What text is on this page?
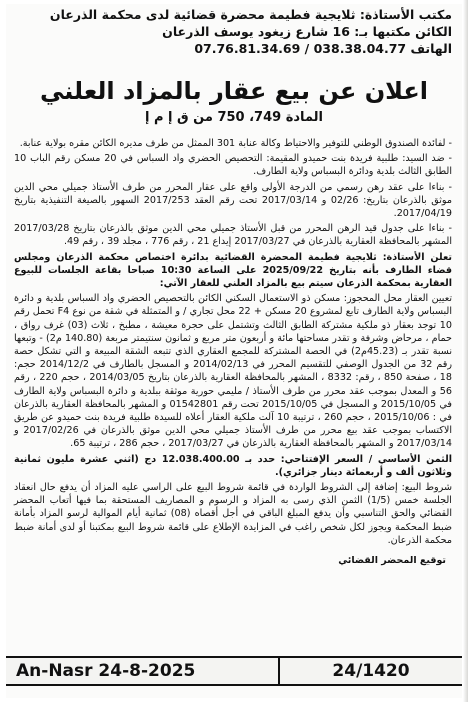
مكتب الأستاذة: ثلايجية فطيمة محضرة قضائية لدى محكمة الذرعان
الكائن مكتبها بـ: 16 شارع زيغود يوسف الذرعان
الهاتف 038.38.04.77 / 07.76.81.34.69
اعلان عن بيع عقار بالمزاد العلني
المادة 749، 750 من ق إ م إ

- لفائدة الصندوق الوطني للتوفير والاحتياط وكالة عنابة 301 الممثل من طرف مديره الكائن مقره بولاية عنابة.

- ضد السيد: طلبية فريدة بنت حميدو المقيمة: التحصيص الحضري واد السباس في 20 مسكن رقم الباب 10 الطابق الثالث بلدية ودائرة البسباس ولاية الطارف.

- بناءا على عقد رهن رسمي من الدرجة الأولى واقع على عقار المحرر من طرف الأستاذ جميلي محي الدين موثق بالذرعان بتاريخ: 02/26 و 2017/03/14 تحت رقم العقد 2017/253 السهور بالصيغة التنفيذية بتاريخ 2017/04/19.

- بناءا على جدول قيد الرهن المحرر من قبل الأستاذ جميلي محي الدين موثق بالذرعان بتاريخ 2017/03/28 المشهر بالمحافظة العقارية بالذرعان في 2017/03/27 إيداع 21 ، رقم 776 ، مجلد 39 ، رقم 49.

تعلن الأستاذة: ثلايجية فطيمة المحضرة القضائية بدائرة اختصاص محكمة الذرعان ومجلس قضاء الطارف بأنه بتاريخ 2025/09/22 على الساعة 10:30 صباحا بقاعة الجلسات للبيوع العقارية بمحكمة الذرعان سيتم بيع بالمزاد العلني للعقار الآتي:

تعيين العقار محل المحجوز: مسكن ذو الاستعمال السكني الكائن بالتحصيص الحضري واد السباس بلدية و دائرة البسباس ولاية الطارف تابع لمشروع 20 مسكن + 22 محل تجاري / و المتمثلة في شقة من نوع F4 تحمل رقم 10 توجد بعقار ذو ملكية مشتركة الطابق الثالث وتشتمل على حجرة معيشة ، مطبخ ، ثلاث (03) غرف رواق ، حمام ، مرحاض وشرفة و تقدر مساحتها مائة و أربعون متر مربع و ثمانون سنتيمتر مربعة (140.80 م2) - وتبعها نسبة تقدر بـ (45.23م2) في الحصة المشتركة للمجمع العقاري الذي تتبعه الشقة المبيعة و التي تشكل حصة رقم 32 من الجدول الوصفي للتقسيم المحرر في 2014/02/13 و المسجل بالطارف في 2014/12/2 حجم: 18 ، صفحة 850 ، رقم: 8332 ، المشهر بالمحافظة العقارية بالذرعان بتاريخ 2014/03/05 ، حجم 220 ، رقم 56 و المعدل بموجب عقد محرر من طرف الأستاذ / مليمي حورية موثقة ببلدية و دائرة البسباس ولاية الطارف في 2015/10/05 و المسجل في 2015/10/05 تحت رقم 01542801 و المشهر بالمحافظة العقارية بالذرعان في : 2015/10/06 ، حجم 260 ، ترتيبة 10 آلت ملكية العقار أعلاه للسيدة طلبية فريدة بنت حميدو عن طريق الاكتساب بموجب عقد بيع محرر من طرف الأستاذ جميلي محي الدين موثق بالذرعان في 2017/02/26 و 2017/03/14 و المشهر بالمحافظة العقارية بالذرعان في 2017/03/27 ، حجم 286 ، ترتيبة 65.

الثمن الأساسي / السعر الإفتتاحي: حدد بـ 12.038.400.00 دج (اثني عشرة مليون ثمانية وثلاثون ألف و أربعمائة دينار جزائري).

شروط البيع: إضافة إلى الشروط الواردة في قائمة شروط البيع على الراسي عليه المزاد أن يدفع حال انعقاد الجلسة خمس (1/5) الثمن الذي رسى به المزاد و الرسوم و المصاريف المستحقة بما فيها أتعاب المحضر القضائي والحق التناسبي وأن يدفع المبلغ الباقي في أجل أقصاه (08) ثمانية أيام الموالية لرسو المزاد بأمانة ضبط المحكمة ويجوز لكل شخص راغب في المزايدة الإطلاع على قائمة شروط البيع بمكتبنا أو لدى أمانة ضبط محكمة الذرعان.

توقيع المحضر القضائي
An-Nasr 24-8-2025	24/1420
